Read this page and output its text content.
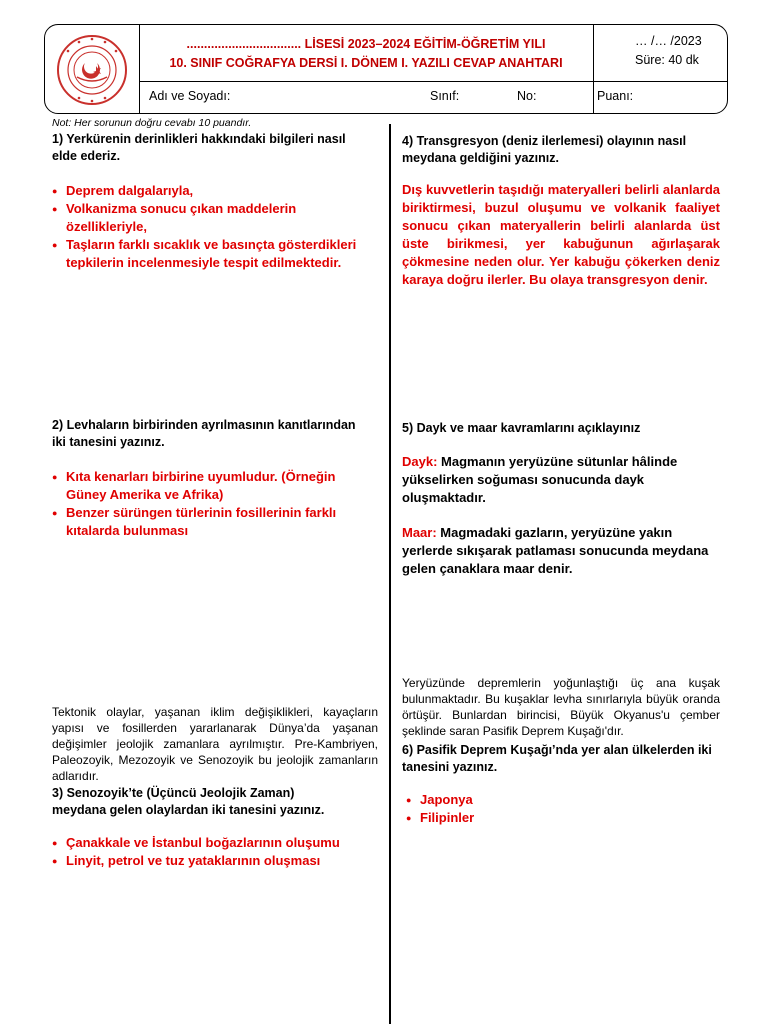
................................. LİSESİ 2023–2024 EĞİTİM-ÖĞRETİM YILI
10. SINIF COĞRAFYA DERSİ I. DÖNEM I. YAZILI CEVAP ANAHTARI
… /… /2023
Süre: 40 dk
Adı ve Soyadı:	Sınıf:	No:	Puanı:
Not: Her sorunun doğru cevabı 10 puandır.
1) Yerkürenin derinlikleri hakkındaki bilgileri nasıl elde ederiz.
● Deprem dalgalarıyla,
● Volkanizma sonucu çıkan maddelerin özellikleriyle,
● Taşların farklı sıcaklık ve basınçta gösterdikleri tepkilerin incelenmesiyle tespit edilmektedir.
2) Levhaların birbirinden ayrılmasının kanıtlarından iki tanesini yazınız.
● Kıta kenarları birbirine uyumludur. (Örneğin Güney Amerika ve Afrika)
● Benzer sürüngen türlerinin fosillerinin farklı kıtalarda bulunması
Tektonik olaylar, yaşanan iklim değişiklikleri, kayaçların yapısı ve fosillerden yararlanarak Dünya’da yaşanan değişimler jeolojik zamanlara ayrılmıştır. Pre-Kambriyen, Paleozoyik, Mezozoyik ve Senozoyik bu jeolojik zamanların adlarıdır.
3) Senozoyik’te (Üçüncü Jeolojik Zaman) meydana gelen olaylardan iki tanesini yazınız.
● Çanakkale ve İstanbul boğazlarının oluşumu
● Linyit, petrol ve tuz yataklarının oluşması
4) Transgresyon (deniz ilerlemesi) olayının nasıl meydana geldiğini yazınız.
Dış kuvvetlerin taşıdığı materyalleri belirli alanlarda biriktirmesi, buzul oluşumu ve volkanik faaliyet sonucu çıkan materyallerin belirli alanlarda üst üste birikmesi, yer kabuğunun ağırlaşarak çökmesine neden olur. Yer kabuğu çökerken deniz karaya doğru ilerler. Bu olaya transgresyon denir.
5) Dayk ve maar kavramlarını açıklayınız
Dayk: Magmanın yeryüzüne sütunlar hâlinde yükselirken soğuması sonucunda dayk oluşmaktadır.
Maar: Magmadaki gazların, yeryüzüne yakın yerlerde sıkışarak patlaması sonucunda meydana gelen çanaklara maar denir.
Yeryüzünde depremlerin yoğunlaştığı üç ana kuşak bulunmaktadır. Bu kuşaklar levha sınırlarıyla büyük oranda örtüşür. Bunlardan birincisi, Büyük Okyanus'u çember şeklinde saran Pasifik Deprem Kuşağı'dır.
6) Pasifik Deprem Kuşağı’nda yer alan ülkelerden iki tanesini yazınız.
● Japonya
● Filipinler
